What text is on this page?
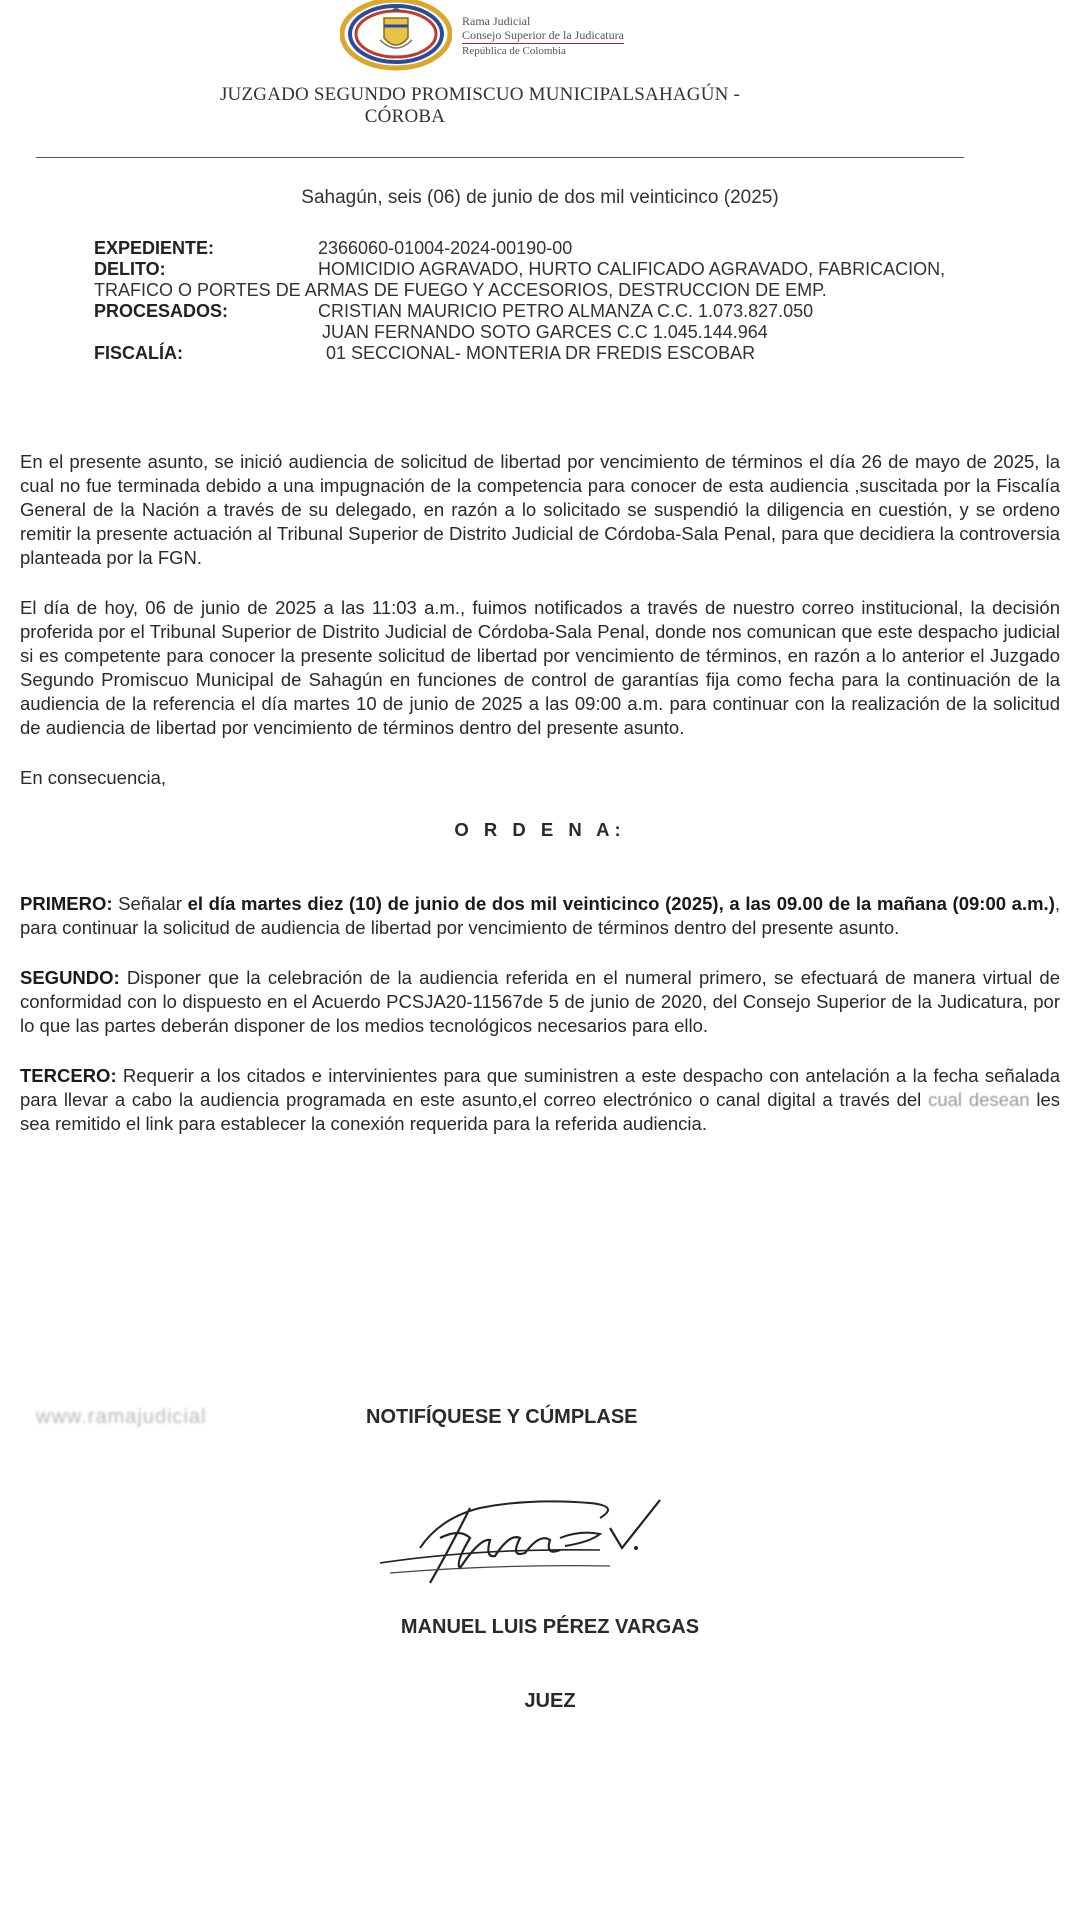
Rama Judicial
Consejo Superior de la Judicatura
República de Colombia
JUZGADO SEGUNDO PROMISCUO MUNICIPALSAHAGÚN -

CÓROBA
Sahagún, seis (06) de junio de dos mil veinticinco (2025)
EXPEDIENTE:	2366060-01004-2024-00190-00
DELITO:	HOMICIDIO AGRAVADO, HURTO CALIFICADO AGRAVADO, FABRICACION,
TRAFICO O PORTES DE ARMAS DE FUEGO Y ACCESORIOS, DESTRUCCION DE EMP.
PROCESADOS:	CRISTIAN MAURICIO PETRO ALMANZA C.C. 1.073.827.050
JUAN FERNANDO SOTO GARCES C.C 1.045.144.964
FISCALÍA:	01 SECCIONAL- MONTERIA DR FREDIS ESCOBAR

En el presente asunto, se inició audiencia de solicitud de libertad por vencimiento de términos el día 26 de mayo de 2025, la cual no fue terminada debido a una impugnación de la competencia para conocer de esta audiencia ,suscitada por la Fiscalía General de la Nación a través de su delegado, en razón a lo solicitado se suspendió la diligencia en cuestión, y se ordeno remitir la presente actuación al Tribunal Superior de Distrito Judicial de Córdoba-Sala Penal, para que decidiera la controversia planteada por la FGN.

El día de hoy, 06 de junio de 2025 a las 11:03 a.m., fuimos notificados a través de nuestro correo institucional, la decisión proferida por el Tribunal Superior de Distrito Judicial de Córdoba-Sala Penal, donde nos comunican que este despacho judicial si es competente para conocer la presente solicitud de libertad por vencimiento de términos, en razón a lo anterior el Juzgado Segundo Promiscuo Municipal de Sahagún en funciones de control de garantías fija como fecha para la continuación de la audiencia de la referencia el día martes 10 de junio de 2025 a las 09:00 a.m. para continuar con la realización de la solicitud de audiencia de libertad por vencimiento de términos dentro del presente asunto.

En consecuencia,

O R D E N A:

PRIMERO: Señalar el día martes diez (10) de junio de dos mil veinticinco (2025), a las 09.00 de la mañana (09:00 a.m.), para continuar la solicitud de audiencia de libertad por vencimiento de términos dentro del presente asunto.

SEGUNDO: Disponer que la celebración de la audiencia referida en el numeral primero, se efectuará de manera virtual de conformidad con lo dispuesto en el Acuerdo PCSJA20-11567de 5 de junio de 2020, del Consejo Superior de la Judicatura, por lo que las partes deberán disponer de los medios tecnológicos necesarios para ello.

TERCERO: Requerir a los citados e intervinientes para que suministren a este despacho con antelación a la fecha señalada para llevar a cabo la audiencia programada en este asunto,el correo electrónico o canal digital a través del cual desean les sea remitido el link para establecer la conexión requerida para la referida audiencia.

www.ramajudicial	NOTIFÍQUESE Y CÚMPLASE
MANUEL LUIS PÉREZ VARGAS
JUEZ
